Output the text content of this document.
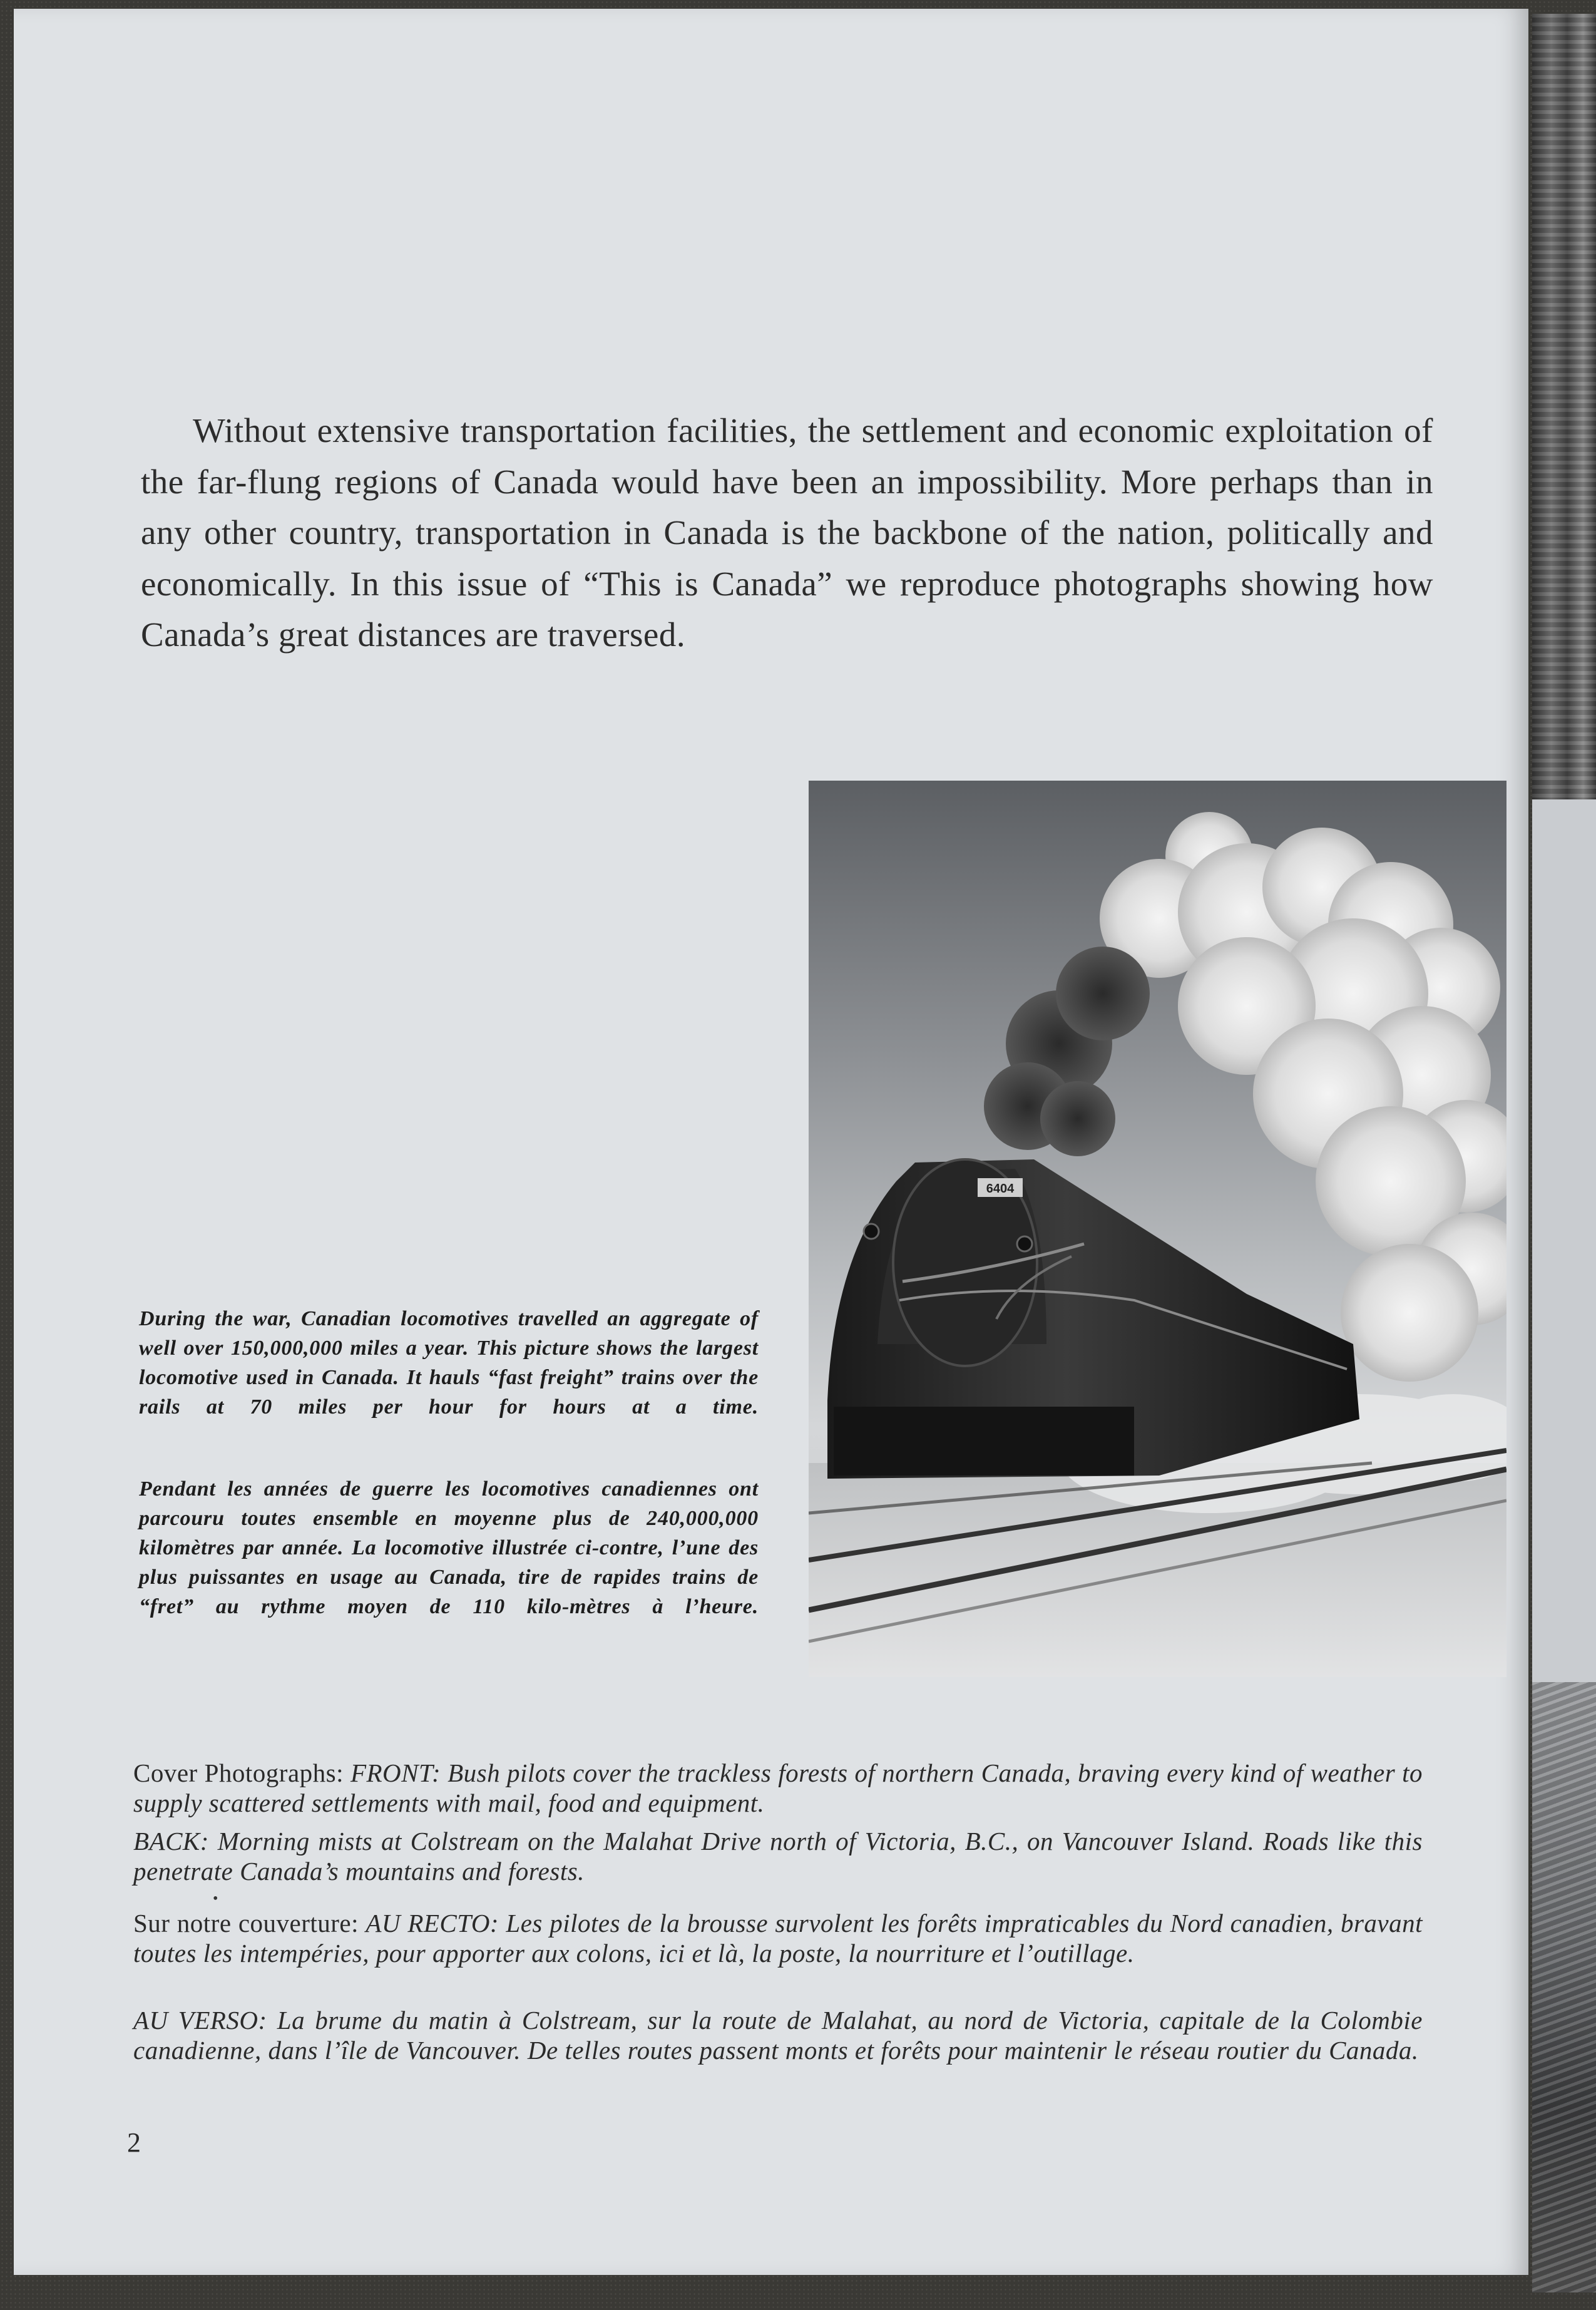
Without extensive transportation facilities, the settlement and economic exploitation of the far-flung regions of Canada would have been an impossibility. More perhaps than in any other country, transportation in Canada is the backbone of the nation, politically and economically. In this issue of “This is Canada” we reproduce photographs showing how Canada’s great distances are traversed.

6404

During the war, Canadian locomotives travelled an aggregate of well over 150,000,000 miles a year. This picture shows the largest locomotive used in Canada. It hauls “fast freight” trains over the rails at 70 miles per hour for hours at a time.

Pendant les années de guerre les locomotives canadiennes ont parcouru toutes ensemble en moyenne plus de 240,000,000 kilomètres par année. La locomotive illustrée ci-contre, l’une des plus puissantes en usage au Canada, tire de rapides trains de “fret” au rythme moyen de 110 kilo-mètres à l’heure.

Cover Photographs: FRONT: Bush pilots cover the trackless forests of northern Canada, braving every kind of weather to supply scattered settlements with mail, food and equipment.

BACK: Morning mists at Colstream on the Malahat Drive north of Victoria, B.C., on Vancouver Island. Roads like this penetrate Canada’s mountains and forests.

•

Sur notre couverture: AU RECTO: Les pilotes de la brousse survolent les forêts impraticables du Nord canadien, bravant toutes les intempéries, pour apporter aux colons, ici et là, la poste, la nourriture et l’outillage.

AU VERSO: La brume du matin à Colstream, sur la route de Malahat, au nord de Victoria, capitale de la Colombie canadienne, dans l’île de Vancouver. De telles routes passent monts et forêts pour maintenir le réseau routier du Canada.

2
